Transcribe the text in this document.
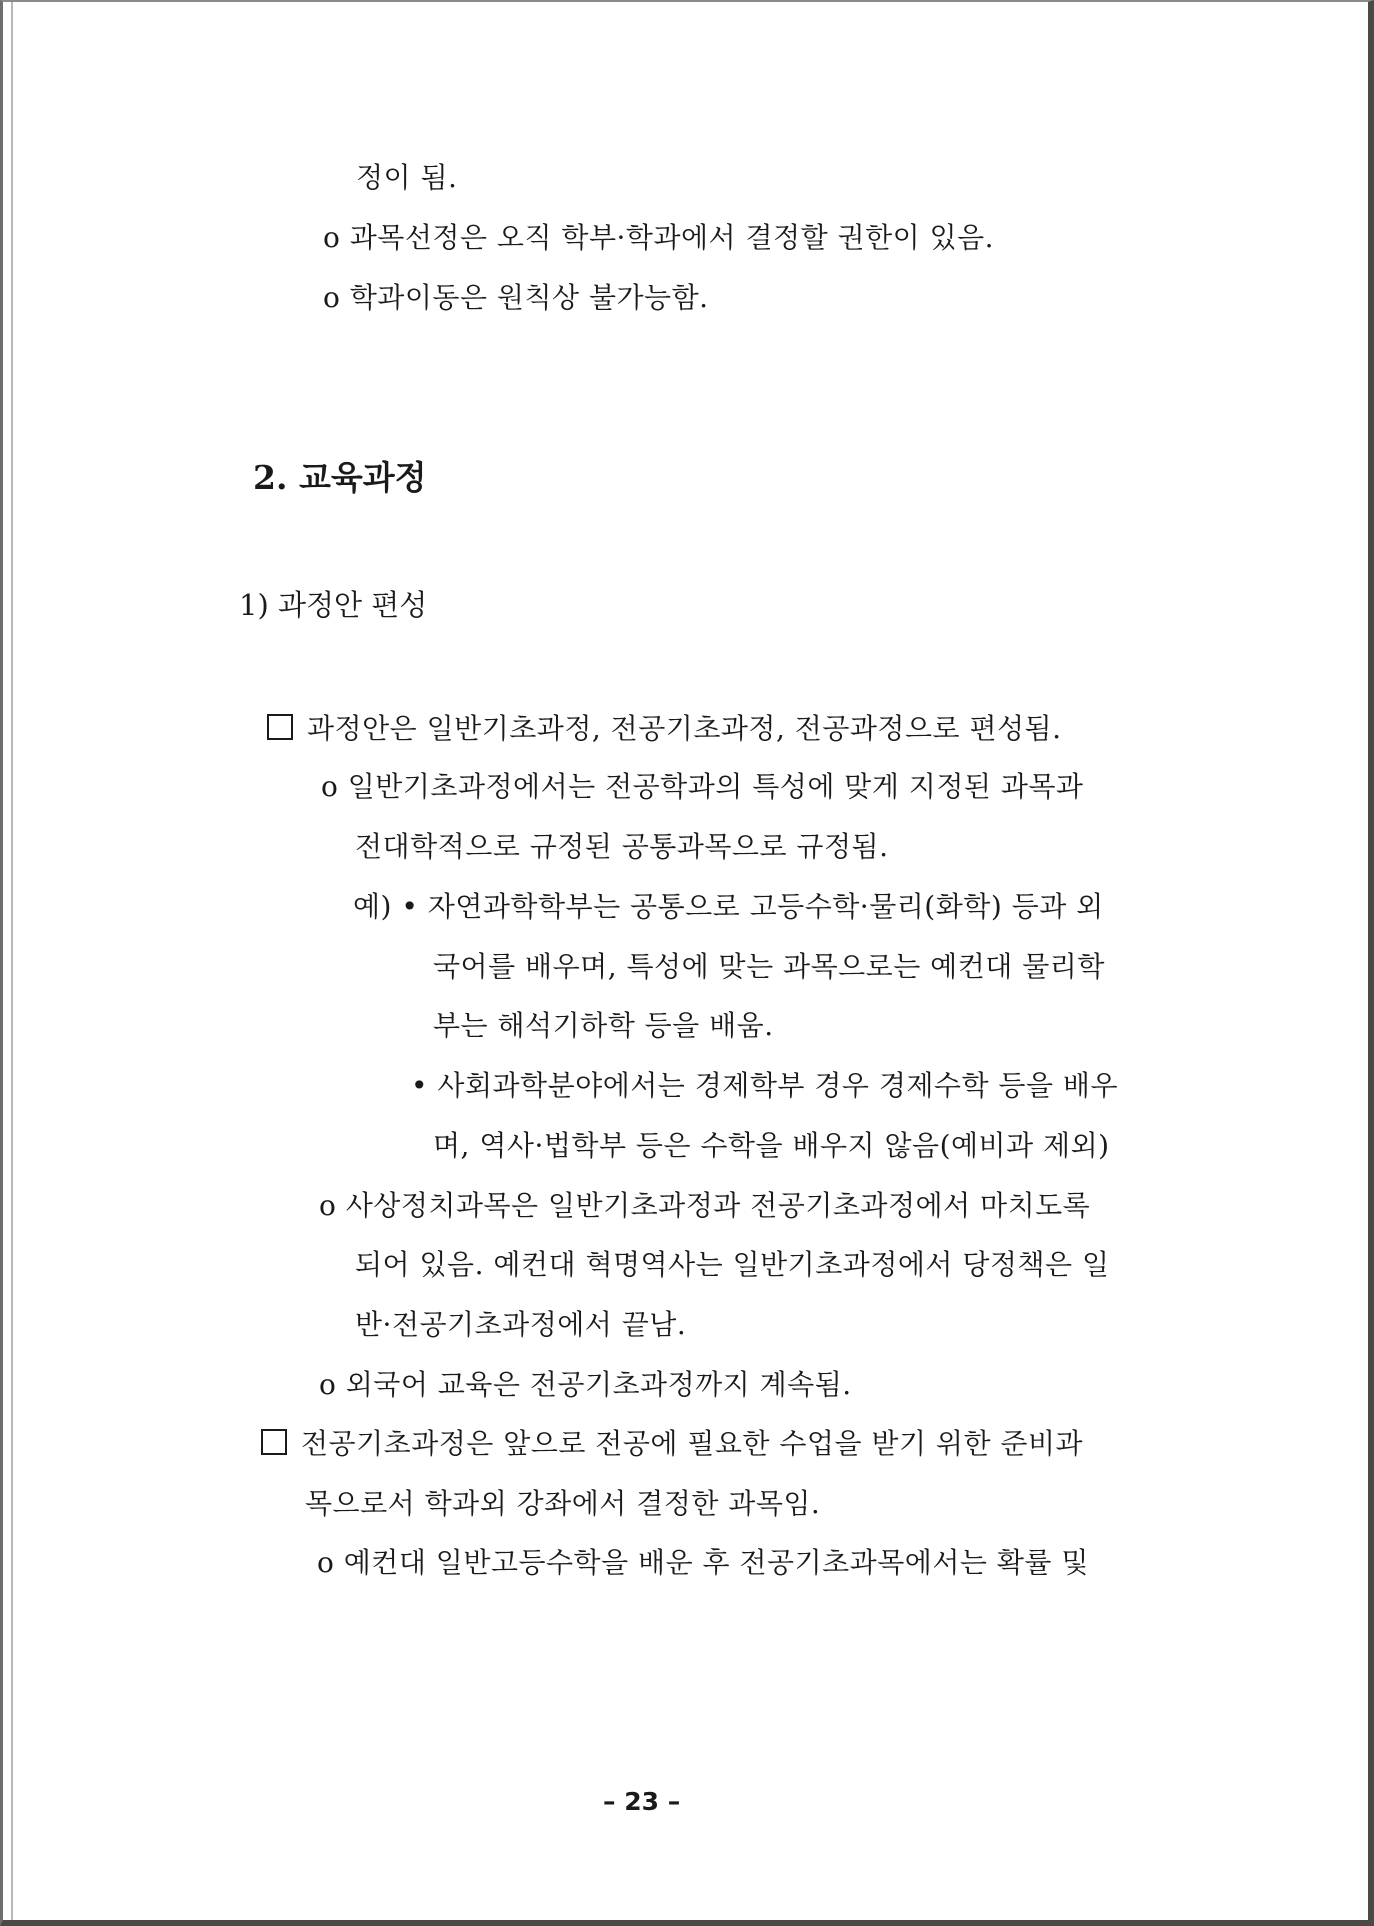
정이 됨.
o 과목선정은 오직 학부·학과에서 결정할 권한이 있음.
o 학과이동은 원칙상 불가능함.
2. 교육과정
1) 과정안 편성
과정안은 일반기초과정, 전공기초과정, 전공과정으로 편성됨.
o 일반기초과정에서는 전공학과의 특성에 맞게 지정된 과목과
전대학적으로 규정된 공통과목으로 규정됨.
예) • 자연과학학부는 공통으로 고등수학·물리(화학) 등과 외
국어를 배우며, 특성에 맞는 과목으로는 예컨대 물리학
부는 해석기하학 등을 배움.
• 사회과학분야에서는 경제학부 경우 경제수학 등을 배우
며, 역사·법학부 등은 수학을 배우지 않음(예비과 제외)
o 사상정치과목은 일반기초과정과 전공기초과정에서 마치도록
되어 있음. 예컨대 혁명역사는 일반기초과정에서 당정책은 일
반·전공기초과정에서 끝남.
o 외국어 교육은 전공기초과정까지 계속됨.
전공기초과정은 앞으로 전공에 필요한 수업을 받기 위한 준비과
목으로서 학과외 강좌에서 결정한 과목임.
o 예컨대 일반고등수학을 배운 후 전공기초과목에서는 확률 및
– 23 –
